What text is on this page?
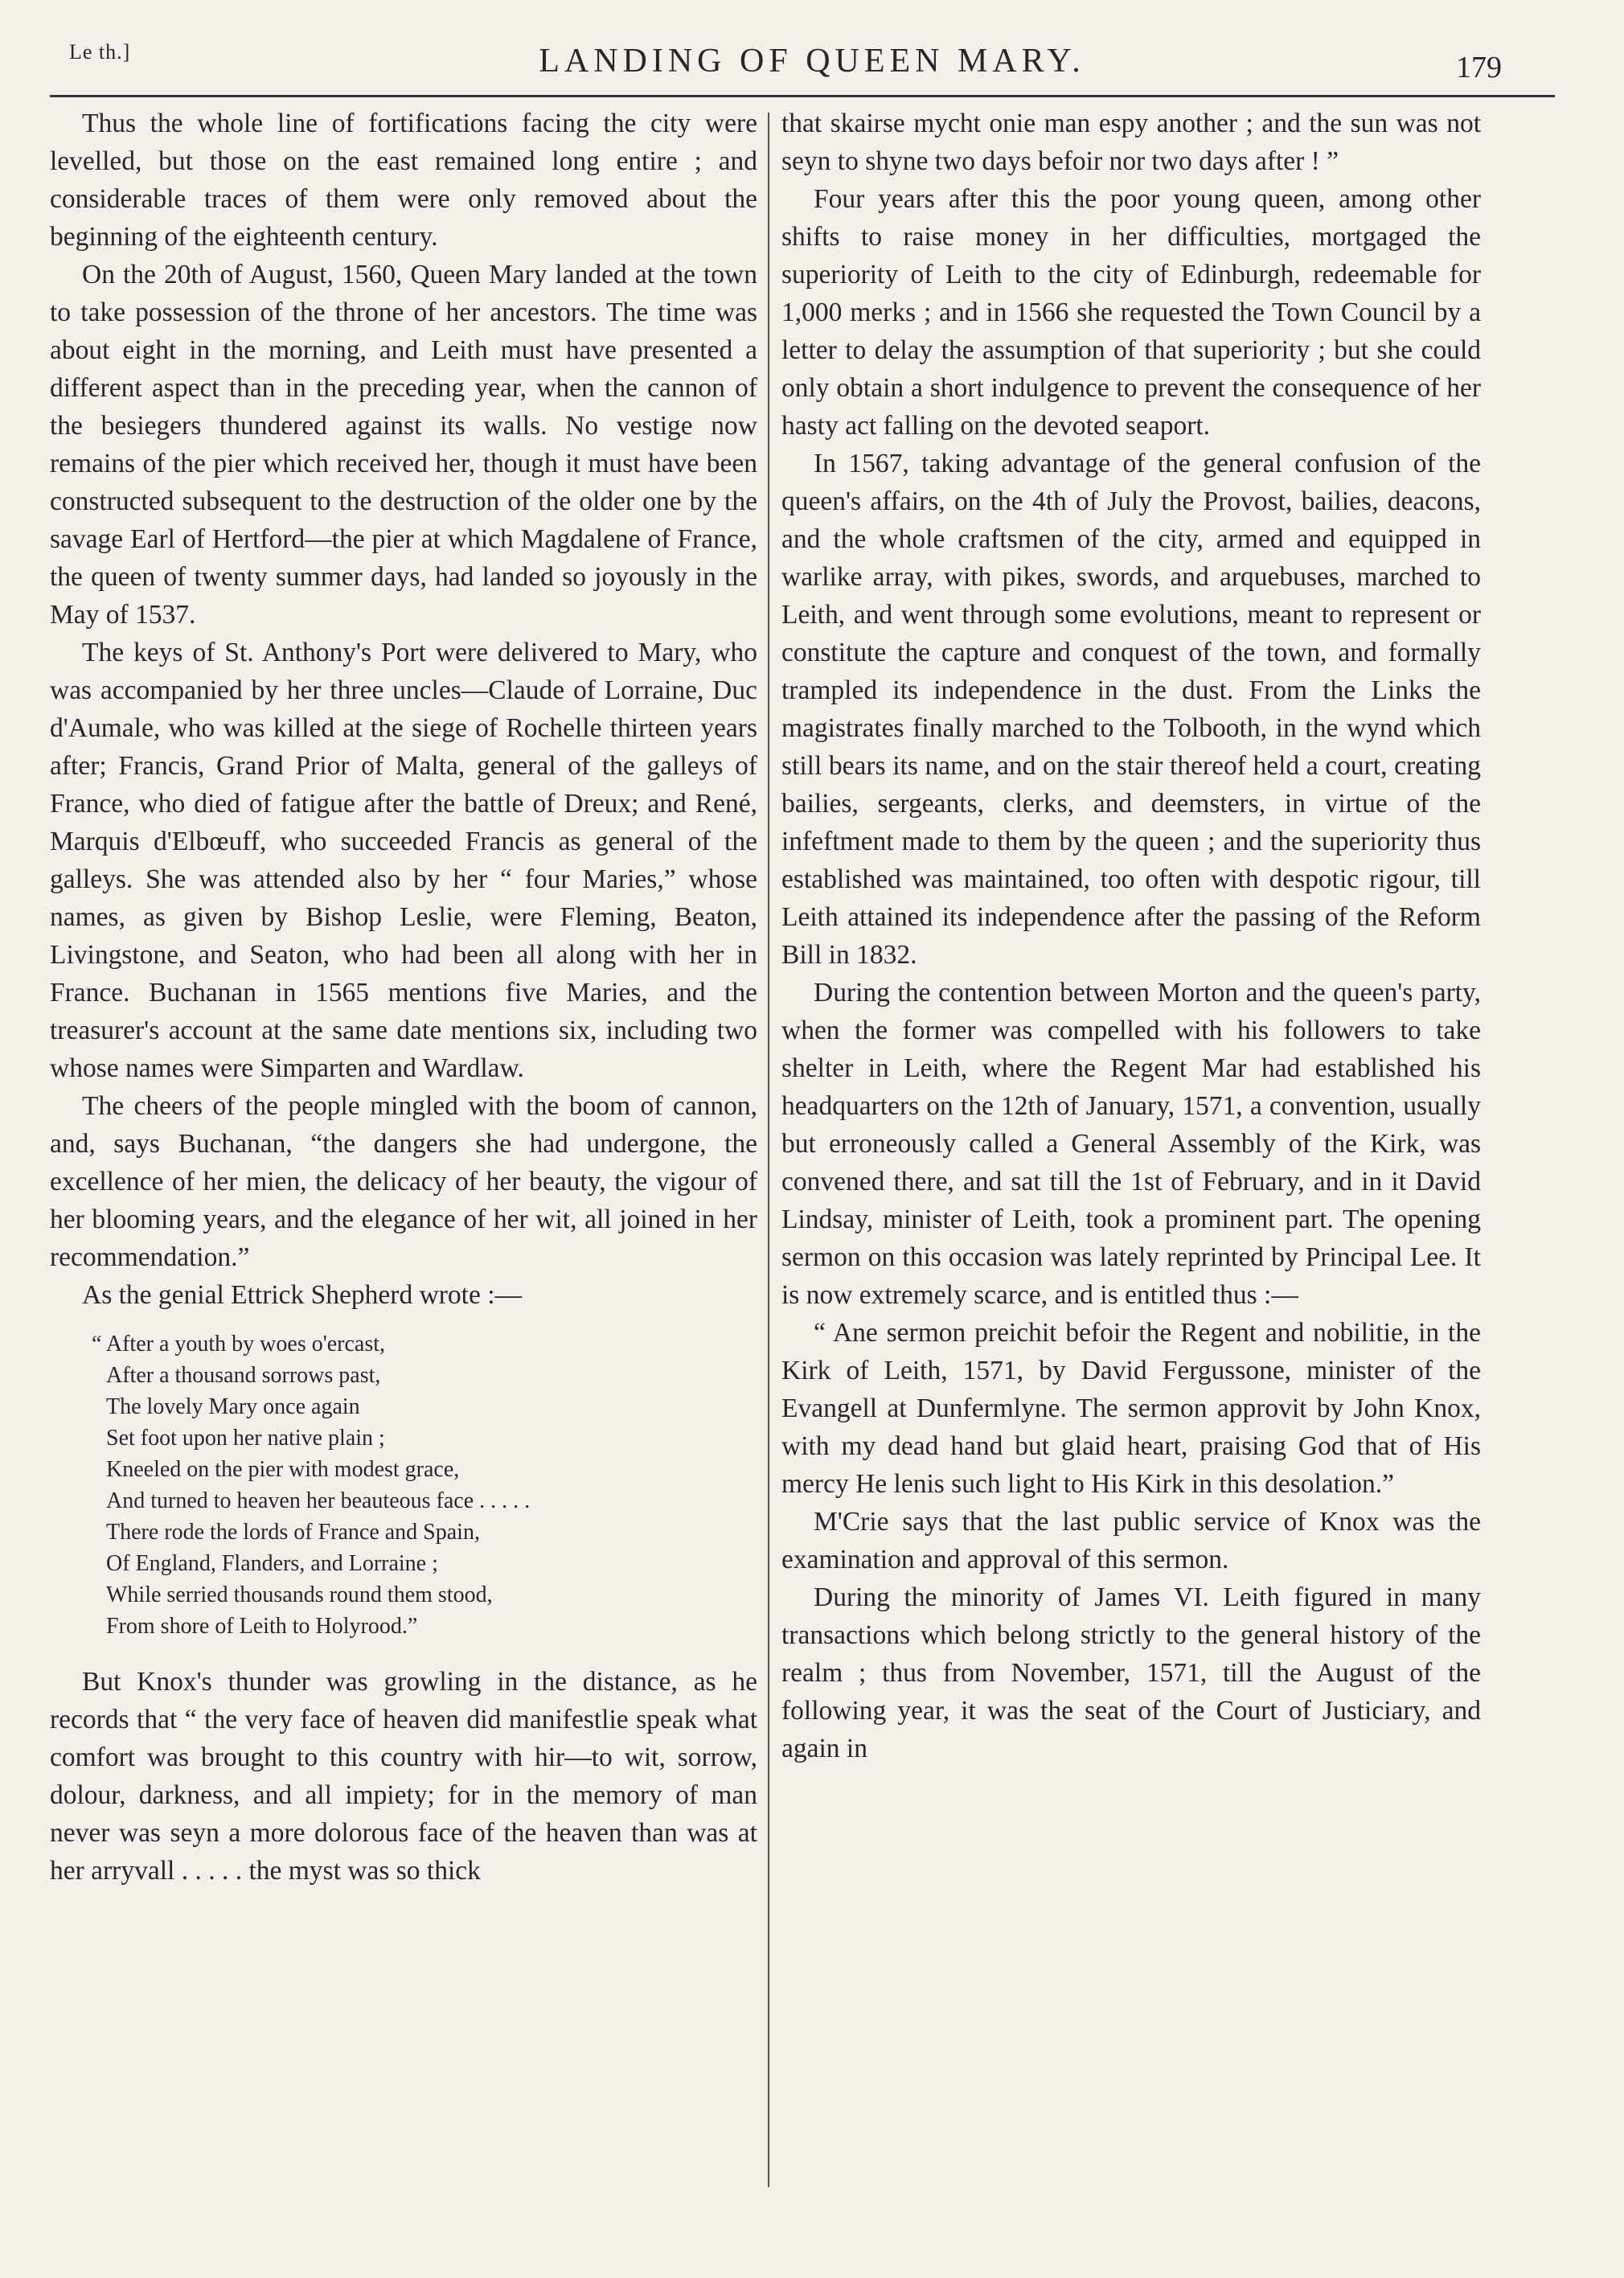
Le th.]	LANDING OF QUEEN MARY.	179

Thus the whole line of fortifications facing the city were levelled, but those on the east remained long entire ; and considerable traces of them were only removed about the beginning of the eighteenth century.

On the 20th of August, 1560, Queen Mary landed at the town to take possession of the throne of her ancestors. The time was about eight in the morning, and Leith must have presented a different aspect than in the preceding year, when the cannon of the besiegers thundered against its walls. No vestige now remains of the pier which received her, though it must have been constructed subsequent to the destruction of the older one by the savage Earl of Hertford—the pier at which Magdalene of France, the queen of twenty summer days, had landed so joyously in the May of 1537.

The keys of St. Anthony's Port were delivered to Mary, who was accompanied by her three uncles—Claude of Lorraine, Duc d'Aumale, who was killed at the siege of Rochelle thirteen years after; Francis, Grand Prior of Malta, general of the galleys of France, who died of fatigue after the battle of Dreux; and René, Marquis d'Elbœuff, who succeeded Francis as general of the galleys. She was attended also by her “ four Maries,” whose names, as given by Bishop Leslie, were Fleming, Beaton, Livingstone, and Seaton, who had been all along with her in France. Buchanan in 1565 mentions five Maries, and the treasurer's account at the same date mentions six, including two whose names were Simparten and Wardlaw.

The cheers of the people mingled with the boom of cannon, and, says Buchanan, “the dangers she had undergone, the excellence of her mien, the delicacy of her beauty, the vigour of her blooming years, and the elegance of her wit, all joined in her recommendation.”

As the genial Ettrick Shepherd wrote :—

“ After a youth by woes o'ercast,
After a thousand sorrows past,
The lovely Mary once again
Set foot upon her native plain ;
Kneeled on the pier with modest grace,
And turned to heaven her beauteous face . . . . .
There rode the lords of France and Spain,
Of England, Flanders, and Lorraine ;
While serried thousands round them stood,
From shore of Leith to Holyrood.”

But Knox's thunder was growling in the distance, as he records that “ the very face of heaven did manifestlie speak what comfort was brought to this country with hir—to wit, sorrow, dolour, darkness, and all impiety; for in the memory of man never was seyn a more dolorous face of the heaven than was at her arryvall . . . . . the myst was so thick

that skairse mycht onie man espy another ; and the sun was not seyn to shyne two days befoir nor two days after ! ”

Four years after this the poor young queen, among other shifts to raise money in her difficulties, mortgaged the superiority of Leith to the city of Edinburgh, redeemable for 1,000 merks ; and in 1566 she requested the Town Council by a letter to delay the assumption of that superiority ; but she could only obtain a short indulgence to prevent the consequence of her hasty act falling on the devoted seaport.

In 1567, taking advantage of the general confusion of the queen's affairs, on the 4th of July the Provost, bailies, deacons, and the whole craftsmen of the city, armed and equipped in warlike array, with pikes, swords, and arquebuses, marched to Leith, and went through some evolutions, meant to represent or constitute the capture and conquest of the town, and formally trampled its independence in the dust. From the Links the magistrates finally marched to the Tolbooth, in the wynd which still bears its name, and on the stair thereof held a court, creating bailies, sergeants, clerks, and deemsters, in virtue of the infeftment made to them by the queen ; and the superiority thus established was maintained, too often with despotic rigour, till Leith attained its independence after the passing of the Reform Bill in 1832.

During the contention between Morton and the queen's party, when the former was compelled with his followers to take shelter in Leith, where the Regent Mar had established his headquarters on the 12th of January, 1571, a convention, usually but erroneously called a General Assembly of the Kirk, was convened there, and sat till the 1st of February, and in it David Lindsay, minister of Leith, took a prominent part. The opening sermon on this occasion was lately reprinted by Principal Lee. It is now extremely scarce, and is entitled thus :—

“ Ane sermon preichit befoir the Regent and nobilitie, in the Kirk of Leith, 1571, by David Fergussone, minister of the Evangell at Dunfermlyne. The sermon approvit by John Knox, with my dead hand but glaid heart, praising God that of His mercy He lenis such light to His Kirk in this desolation.”

M'Crie says that the last public service of Knox was the examination and approval of this sermon.

During the minority of James VI. Leith figured in many transactions which belong strictly to the general history of the realm ; thus from November, 1571, till the August of the following year, it was the seat of the Court of Justiciary, and again in
